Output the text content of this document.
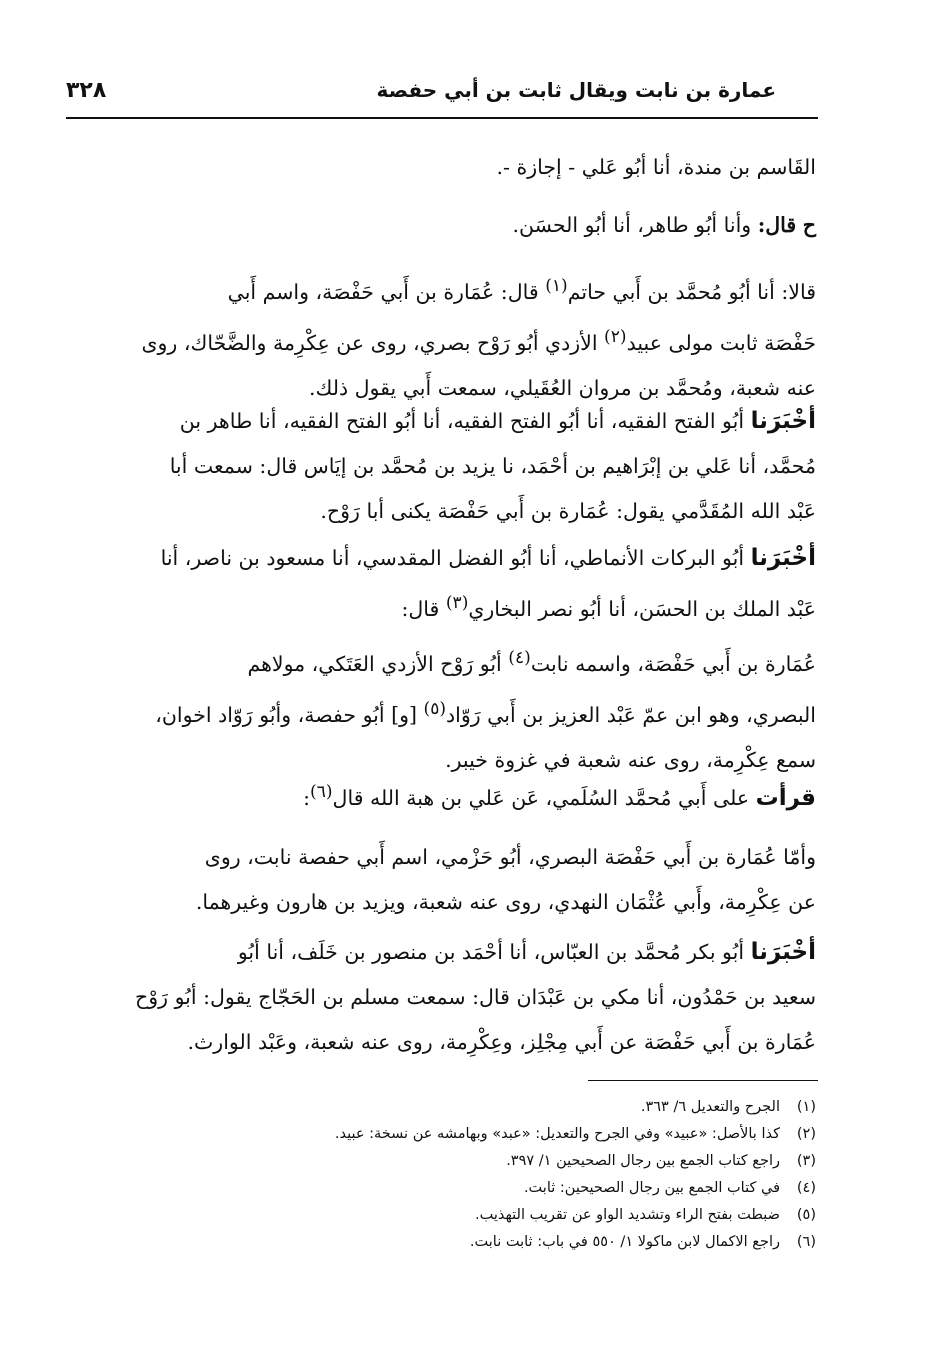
عمارة بن نابت ويقال ثابت بن أبي حفصة
٣٢٨
القَاسم بن مندة، أنا أبُو عَلي - إجازة -.
ح قال: وأنا أبُو طاهر، أنا أبُو الحسَن.
قالا: أنا أبُو مُحمَّد بن أَبي حاتم$^{(١)}$ قال: عُمَارة بن أَبي حَفْصَة، واسم أَبي
حَفْصَة ثابت مولى عبيد$^{(٢)}$ الأزدي أبُو رَوْح بصري، روى عن عِكْرِمة والضَّحّاك، روى
عنه شعبة، ومُحمَّد بن مروان العُقَيلي، سمعت أَبي يقول ذلك.
أخْبَرَنا أبُو الفتح الفقيه، أنا أبُو الفتح الفقيه، أنا أبُو الفتح الفقيه، أنا طاهر بن
مُحمَّد، أنا عَلي بن إبْرَاهيم بن أحْمَد، نا يزيد بن مُحمَّد بن إيَاس قال: سمعت أبا
عَبْد الله المُقَدَّمي يقول: عُمَارة بن أَبي حَفْصَة يكنى أبا رَوْح.
أخْبَرَنا أبُو البركات الأنماطي، أنا أبُو الفضل المقدسي، أنا مسعود بن ناصر، أنا
عَبْد الملك بن الحسَن، أنا أبُو نصر البخاري$^{(٣)}$ قال:
عُمَارة بن أَبي حَفْصَة، واسمه نابت$^{(٤)}$ أبُو رَوْح الأزدي العَتَكي، مولاهم
البصري، وهو ابن عمّ عَبْد العزيز بن أَبي رَوّاد$^{(٥)}$ [و] أبُو حفصة، وأبُو رَوّاد اخوان،
سمع عِكْرِمة، روى عنه شعبة في غزوة خيبر.
قرأت على أَبي مُحمَّد السُلَمي، عَن عَلي بن هبة الله قال$^{(٦)}$:
وأمّا عُمَارة بن أَبي حَفْصَة البصري، أبُو حَزْمي، اسم أَبي حفصة نابت، روى
عن عِكْرِمة، وأَبي عُثْمَان النهدي، روى عنه شعبة، ويزيد بن هارون وغيرهما.
أخْبَرَنا أبُو بكر مُحمَّد بن العبّاس، أنا أحْمَد بن منصور بن خَلَف، أنا أبُو
سعيد بن حَمْدُون، أنا مكي بن عَبْدَان قال: سمعت مسلم بن الحَجّاج يقول: أبُو رَوْح
عُمَارة بن أَبي حَفْصَة عن أَبي مِجْلِز، وعِكْرِمة، روى عنه شعبة، وعَبْد الوارث.
(١)
الجرح والتعديل ٦/ ٣٦٣.
(٢)
كذا بالأصل: «عبيد» وفي الجرح والتعديل: «عبد» وبهامشه عن نسخة: عبيد.
(٣)
راجع كتاب الجمع بين رجال الصحيحين ١/ ٣٩٧.
(٤)
في كتاب الجمع بين رجال الصحيحين: ثابت.
(٥)
ضبطت بفتح الراء وتشديد الواو عن تقريب التهذيب.
(٦)
راجع الاكمال لابن ماكولا ١/ ٥٥٠ في باب: ثابت نابت.
